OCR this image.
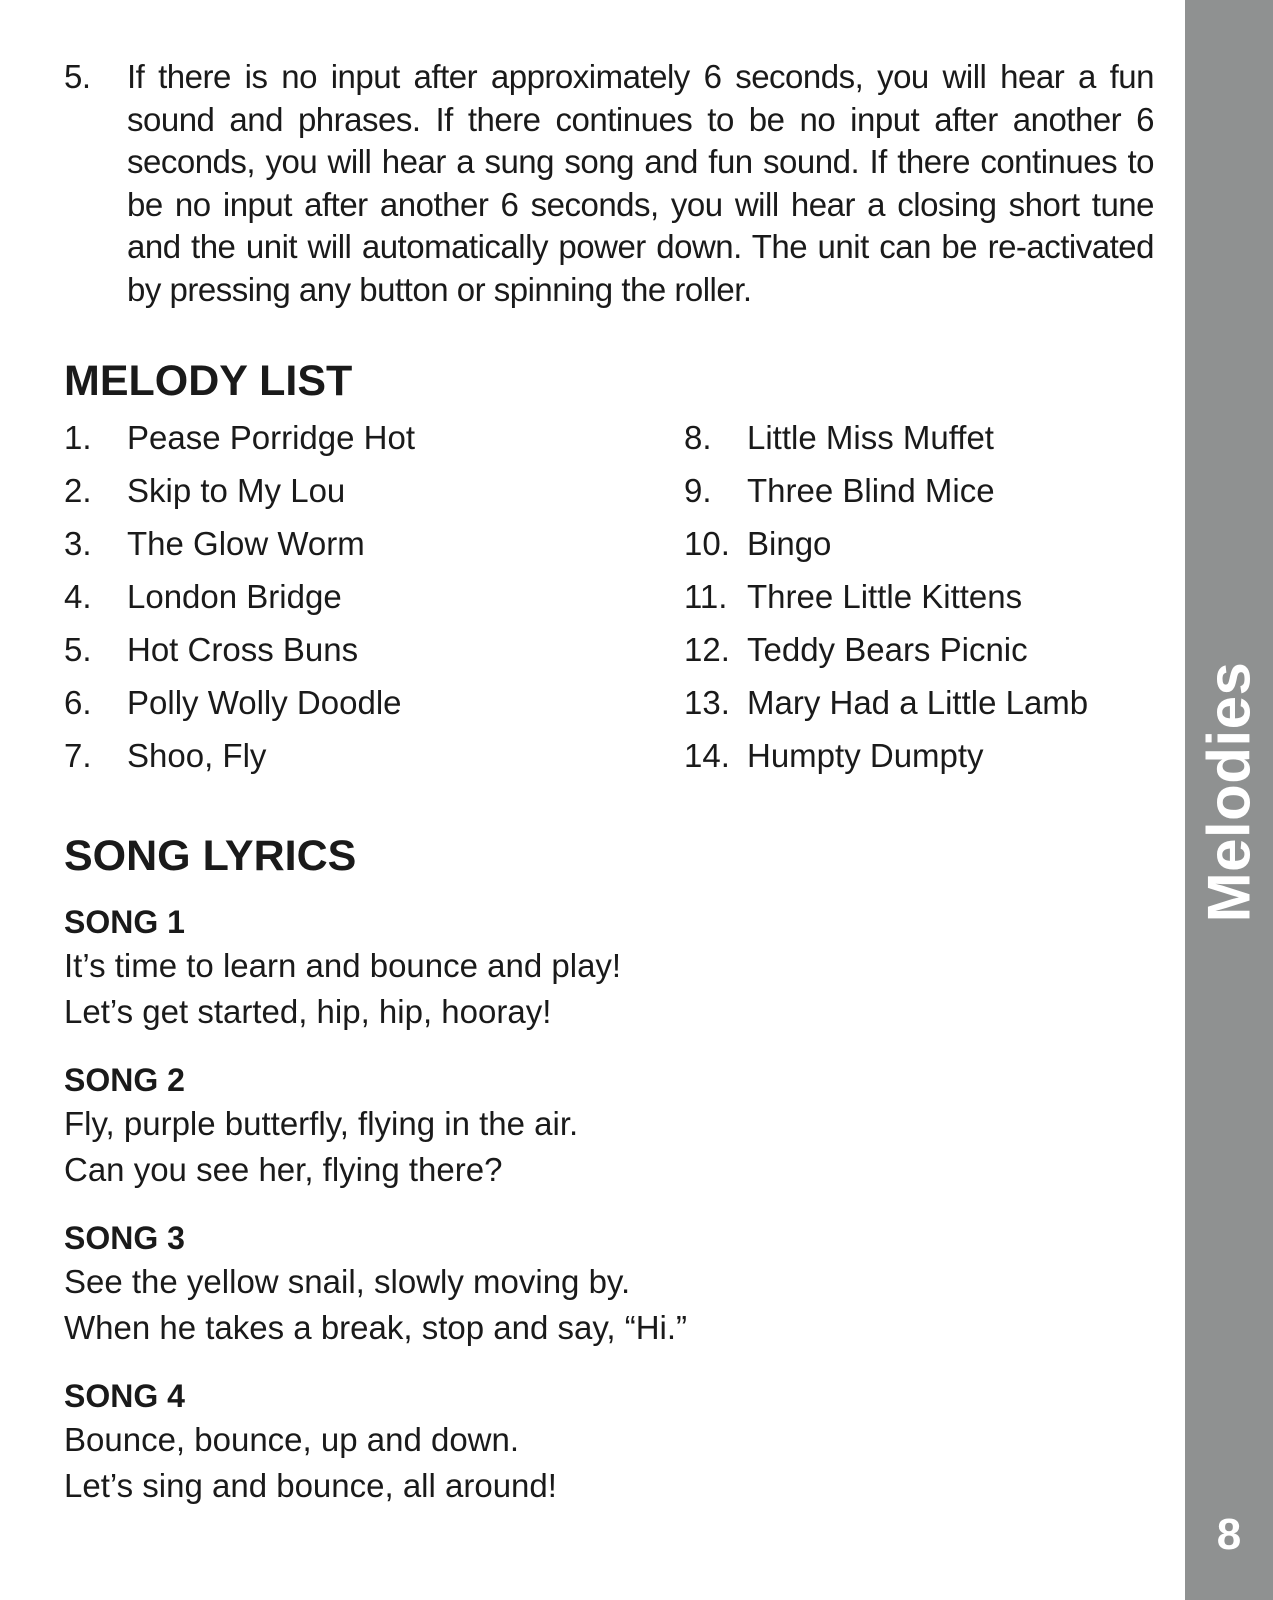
Melodies
8
5. If there is no input after approximately 6 seconds, you will hear a fun sound and phrases. If there continues to be no input after another 6 seconds, you will hear a sung song and fun sound. If there continues to be no input after another 6 seconds, you will hear a closing short tune and the unit will automatically power down. The unit can be re-activated by pressing any button or spinning the roller.
MELODY LIST
1.	Pease Porridge Hot
2.	Skip to My Lou
3.	The Glow Worm
4.	London Bridge
5.	Hot Cross Buns
6.	Polly Wolly Doodle
7.	Shoo, Fly
8.	Little Miss Muffet
9.	Three Blind Mice
10. Bingo
11. Three Little Kittens
12. Teddy Bears Picnic
13. Mary Had a Little Lamb
14. Humpty Dumpty
SONG LYRICS
SONG 1
It’s time to learn and bounce and play!
Let’s get started, hip, hip, hooray!
SONG 2
Fly, purple butterfly, flying in the air.
Can you see her, flying there?
SONG 3
See the yellow snail, slowly moving by.
When he takes a break, stop and say, “Hi.”
SONG 4
Bounce, bounce, up and down.
Let’s sing and bounce, all around!
